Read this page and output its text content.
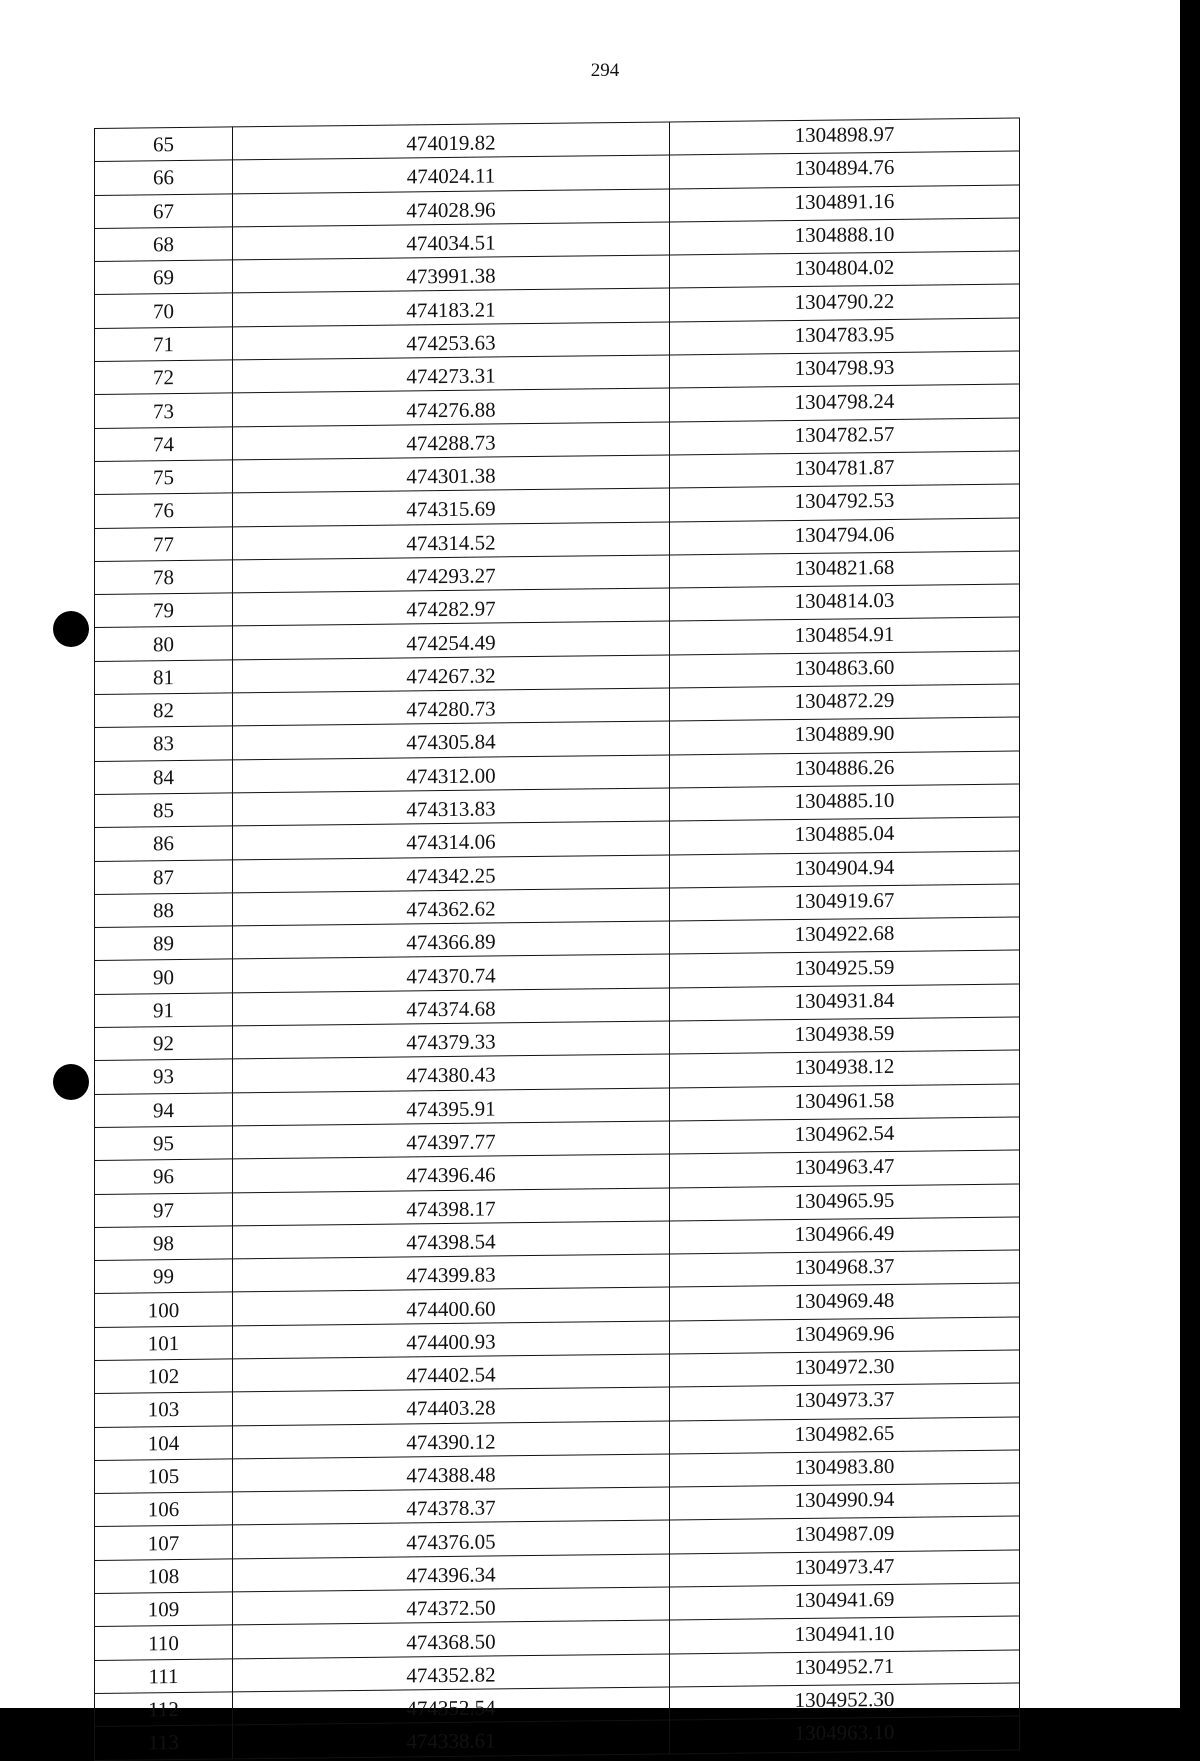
294
65	474019.82	1304898.97
66	474024.11	1304894.76
67	474028.96	1304891.16
68	474034.51	1304888.10
69	473991.38	1304804.02
70	474183.21	1304790.22
71	474253.63	1304783.95
72	474273.31	1304798.93
73	474276.88	1304798.24
74	474288.73	1304782.57
75	474301.38	1304781.87
76	474315.69	1304792.53
77	474314.52	1304794.06
78	474293.27	1304821.68
79	474282.97	1304814.03
80	474254.49	1304854.91
81	474267.32	1304863.60
82	474280.73	1304872.29
83	474305.84	1304889.90
84	474312.00	1304886.26
85	474313.83	1304885.10
86	474314.06	1304885.04
87	474342.25	1304904.94
88	474362.62	1304919.67
89	474366.89	1304922.68
90	474370.74	1304925.59
91	474374.68	1304931.84
92	474379.33	1304938.59
93	474380.43	1304938.12
94	474395.91	1304961.58
95	474397.77	1304962.54
96	474396.46	1304963.47
97	474398.17	1304965.95
98	474398.54	1304966.49
99	474399.83	1304968.37
100	474400.60	1304969.48
101	474400.93	1304969.96
102	474402.54	1304972.30
103	474403.28	1304973.37
104	474390.12	1304982.65
105	474388.48	1304983.80
106	474378.37	1304990.94
107	474376.05	1304987.09
108	474396.34	1304973.47
109	474372.50	1304941.69
110	474368.50	1304941.10
111	474352.82	1304952.71
112	474352.54	1304952.30
113	474338.61	1304963.10
